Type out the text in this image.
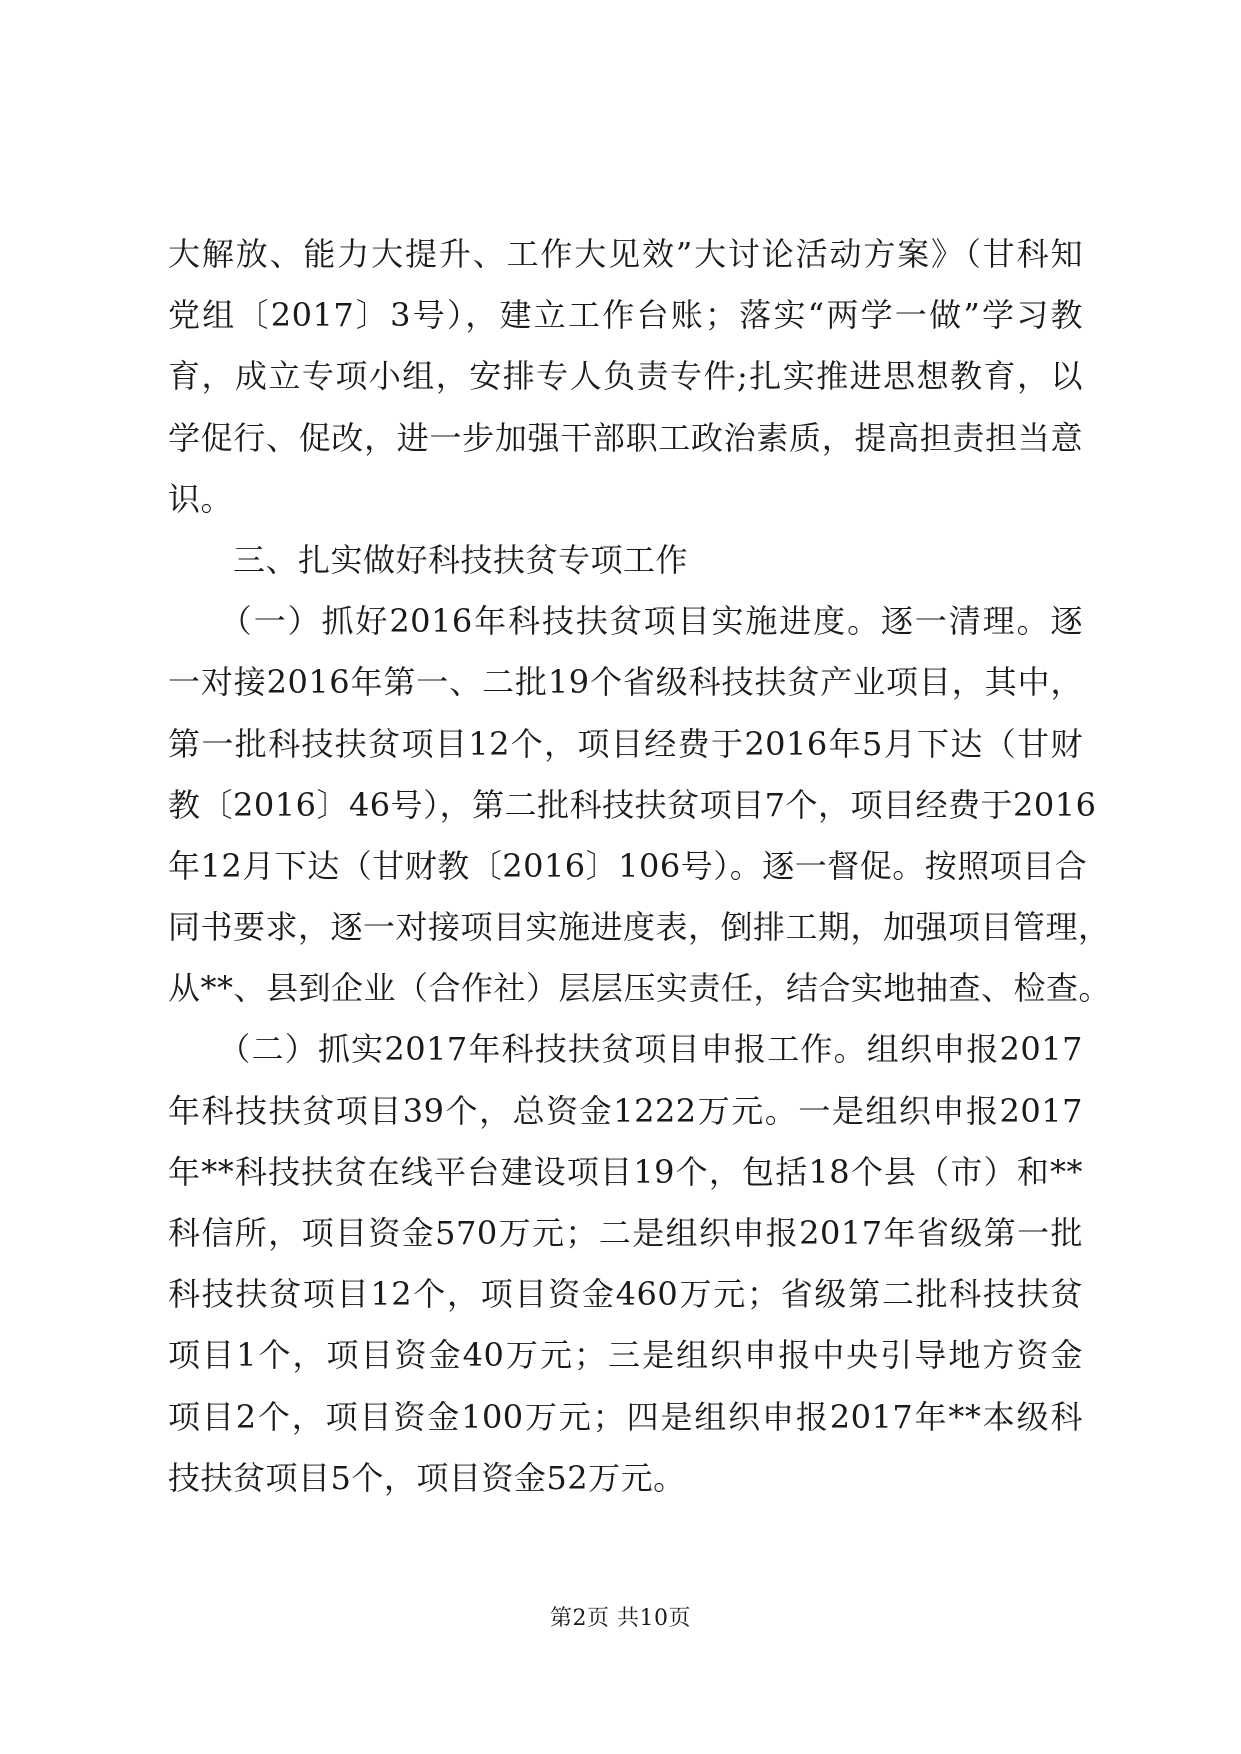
大解放、能力大提升、工作大见效”大讨论活动方案》（甘科知
党组〔2017〕3号），建立工作台账；落实“两学一做”学习教
育，成立专项小组，安排专人负责专件;扎实推进思想教育，以
学促行、促改，进一步加强干部职工政治素质，提高担责担当意
识。
　　三、扎实做好科技扶贫专项工作
　　（一）抓好2016年科技扶贫项目实施进度。逐一清理。逐
一对接2016年第一、二批19个省级科技扶贫产业项目，其中，
第一批科技扶贫项目12个，项目经费于2016年5月下达（甘财
教〔2016〕46号），第二批科技扶贫项目7个，项目经费于2016
年12月下达（甘财教〔2016〕106号）。逐一督促。按照项目合
同书要求，逐一对接项目实施进度表，倒排工期，加强项目管理，
从**、县到企业（合作社）层层压实责任，结合实地抽查、检查。
　　（二）抓实2017年科技扶贫项目申报工作。组织申报2017
年科技扶贫项目39个，总资金1222万元。一是组织申报2017
年**科技扶贫在线平台建设项目19个，包括18个县（市）和**
科信所，项目资金570万元；二是组织申报2017年省级第一批
科技扶贫项目12个，项目资金460万元；省级第二批科技扶贫
项目1个，项目资金40万元；三是组织申报中央引导地方资金
项目2个，项目资金100万元；四是组织申报2017年**本级科
技扶贫项目5个，项目资金52万元。
第2页 共10页
